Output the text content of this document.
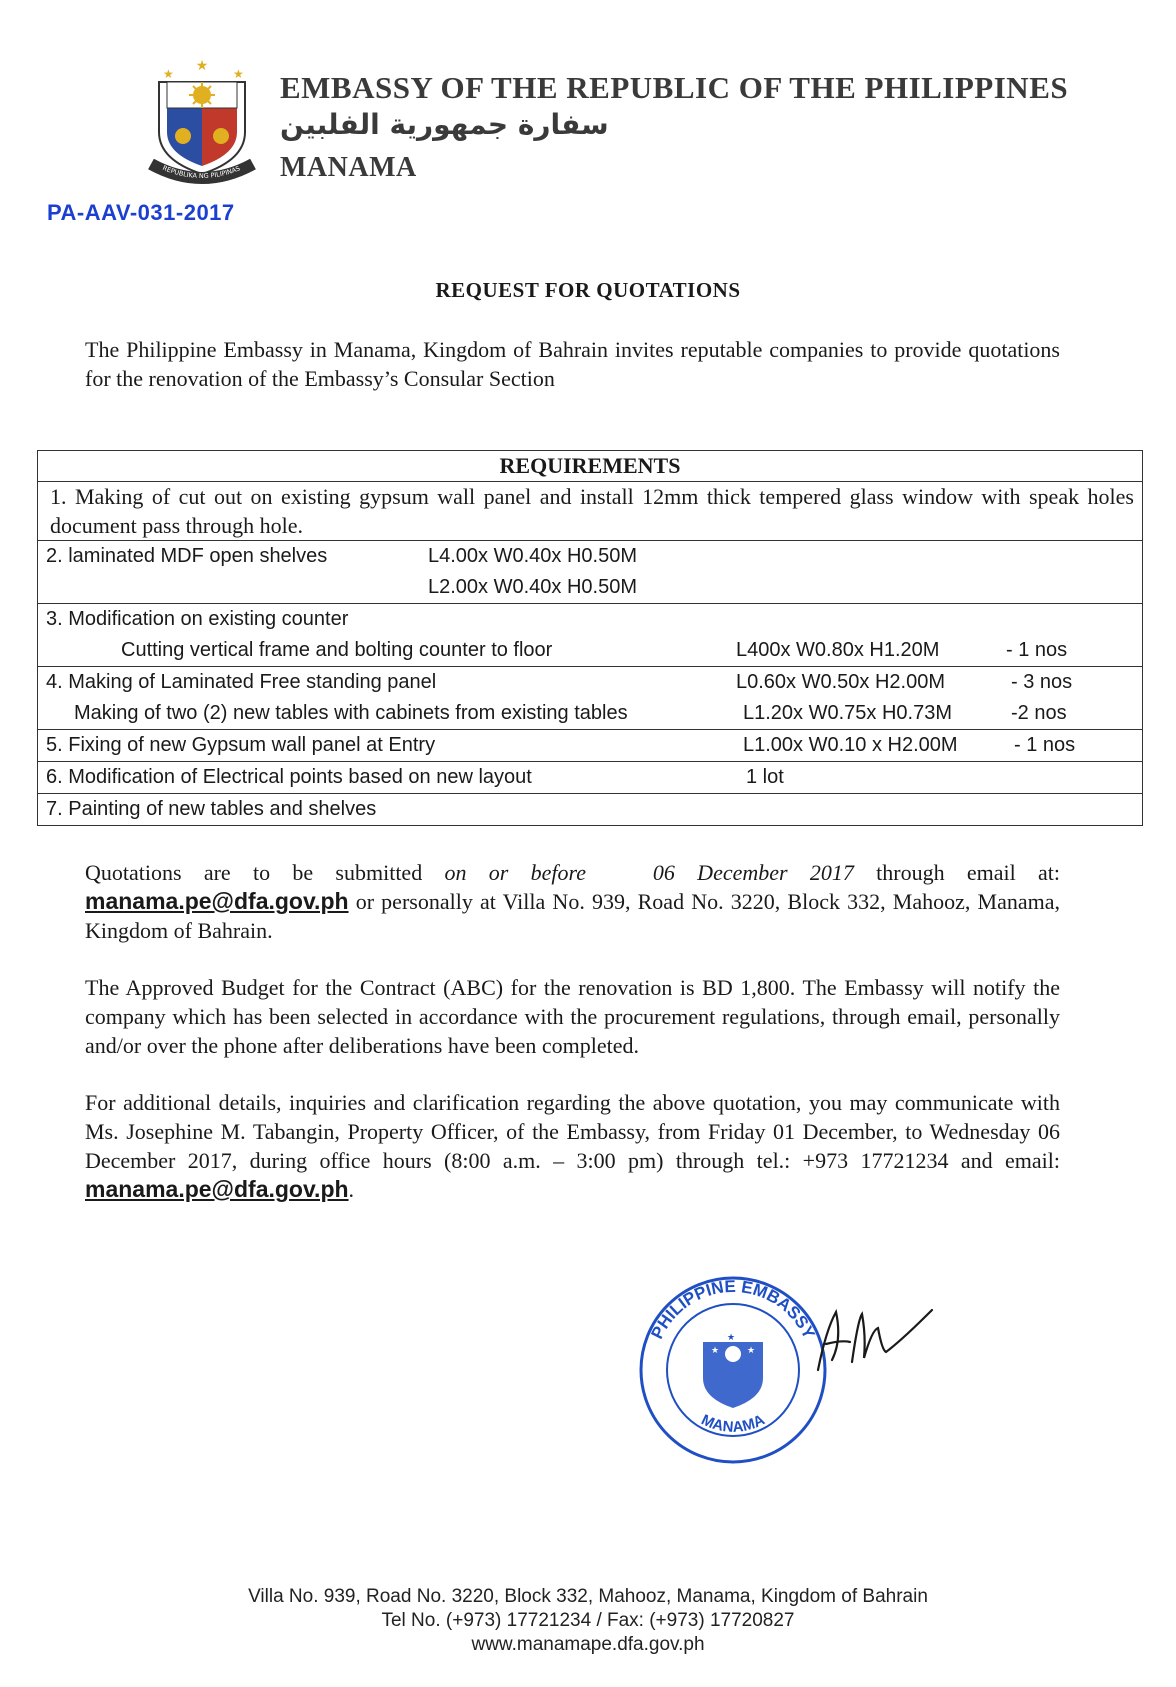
★
★	★
REPUBLIKA NG PILIPINAS
EMBASSY OF THE REPUBLIC OF THE PHILIPPINES
سفارة جمهورية الفلبين
MANAMA
PA-AAV-031-2017
REQUEST FOR QUOTATIONS
The Philippine Embassy in Manama, Kingdom of Bahrain invites reputable companies to provide quotations for the renovation of the Embassy’s Consular Section
REQUIREMENTS
1. Making of cut out on existing gypsum wall panel and install 12mm thick tempered glass window with speak holes document pass through hole.

2. laminated MDF open shelves	L4.00x W0.40x H0.50M
L2.00x W0.40x H0.50M

3. Modification on existing counter
Cutting vertical frame and bolting counter to floor	L400x W0.80x H1.20M	- 1 nos

4. Making of Laminated Free standing panel	L0.60x W0.50x H2.00M	- 3 nos
Making of two (2) new tables with cabinets from existing tables	L1.20x W0.75x H0.73M	-2 nos

5. Fixing of new Gypsum wall panel at Entry	L1.00x W0.10 x H2.00M	- 1 nos

6. Modification of Electrical points based on new layout	1 lot

7. Painting of new tables and shelves
Quotations are to be submitted on or before	06 December 2017 through email at: manama.pe@dfa.gov.ph or personally at Villa No. 939, Road No. 3220, Block 332, Mahooz, Manama, Kingdom of Bahrain.
The Approved Budget for the Contract (ABC) for the renovation is BD 1,800. The Embassy will notify the company which has been selected in accordance with the procurement regulations, through email, personally and/or over the phone after deliberations have been completed.
For additional details, inquiries and clarification regarding the above quotation, you may communicate with Ms. Josephine M. Tabangin, Property Officer, of the Embassy, from Friday 01 December, to Wednesday 06 December 2017, during office hours (8:00 a.m. – 3:00 pm) through tel.: +973 17721234 and email: manama.pe@dfa.gov.ph.
PHILIPPINE EMBASSY
MANAMA
★	★
★
Villa No. 939, Road No. 3220, Block 332, Mahooz, Manama, Kingdom of Bahrain
Tel No. (+973) 17721234 / Fax: (+973) 17720827
www.manamape.dfa.gov.ph
